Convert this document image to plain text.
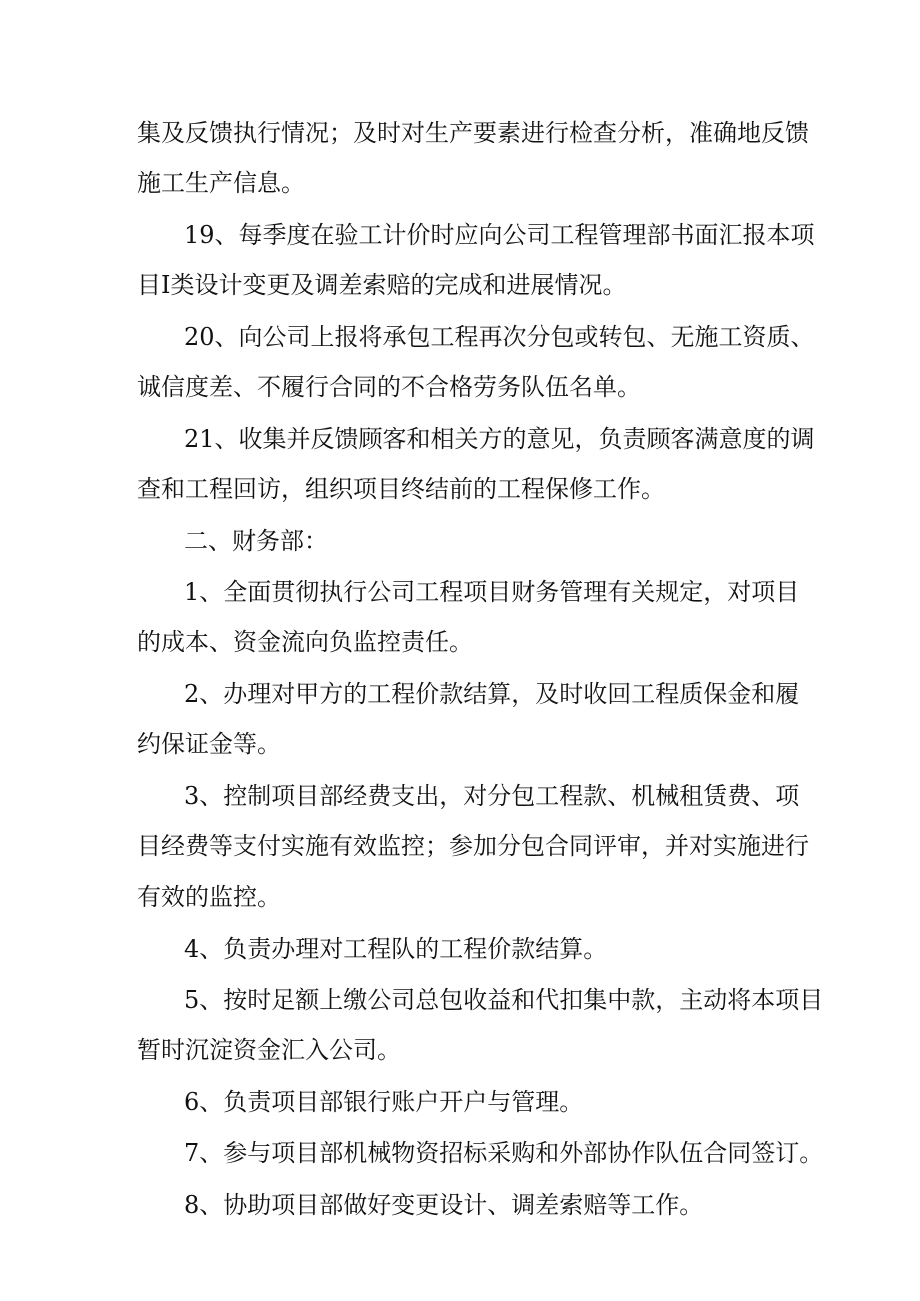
集及反馈执行情况；及时对生产要素进行检查分析，准确地反馈
施工生产信息。
19、每季度在验工计价时应向公司工程管理部书面汇报本项
目Ⅰ类设计变更及调差索赔的完成和进展情况。
20、向公司上报将承包工程再次分包或转包、无施工资质、
诚信度差、不履行合同的不合格劳务队伍名单。
21、收集并反馈顾客和相关方的意见，负责顾客满意度的调
查和工程回访，组织项目终结前的工程保修工作。
二、财务部：
1、全面贯彻执行公司工程项目财务管理有关规定，对项目
的成本、资金流向负监控责任。
2、办理对甲方的工程价款结算，及时收回工程质保金和履
约保证金等。
3、控制项目部经费支出，对分包工程款、机械租赁费、项
目经费等支付实施有效监控；参加分包合同评审，并对实施进行
有效的监控。
4、负责办理对工程队的工程价款结算。
5、按时足额上缴公司总包收益和代扣集中款，主动将本项目
暂时沉淀资金汇入公司。
6、负责项目部银行账户开户与管理。
7、参与项目部机械物资招标采购和外部协作队伍合同签订。
8、协助项目部做好变更设计、调差索赔等工作。
